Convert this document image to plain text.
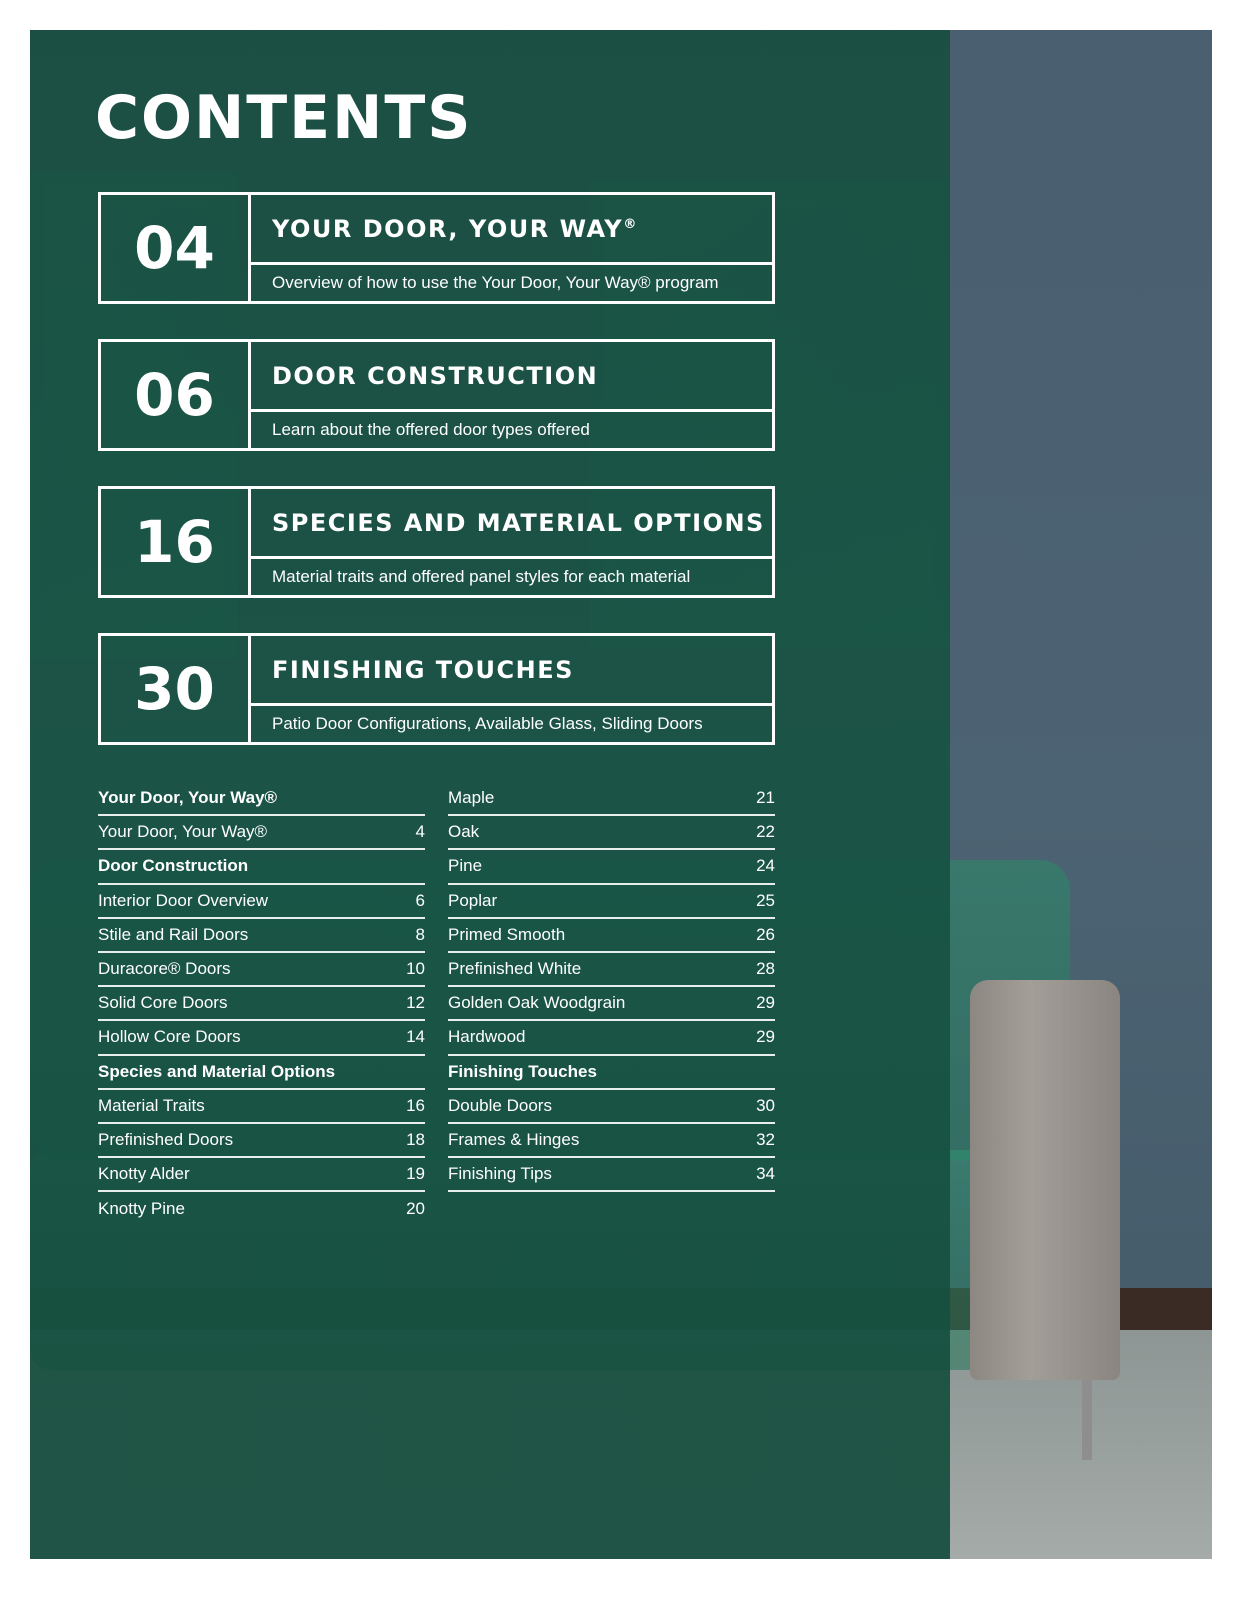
CONTENTS
04 YOUR DOOR, YOUR WAY®
Overview of how to use the Your Door, Your Way® program
06 DOOR CONSTRUCTION
Learn about the offered door types offered
16 SPECIES AND MATERIAL OPTIONS
Material traits and offered panel styles for each material
30 FINISHING TOUCHES
Patio Door Configurations, Available Glass, Sliding Doors
Your Door, Your Way®
Your Door, Your Way®	4
Door Construction
Interior Door Overview	6
Stile and Rail Doors	8
Duracore® Doors	10
Solid Core Doors	12
Hollow Core Doors	14
Species and Material Options
Material Traits	16
Prefinished Doors	18
Knotty Alder	19
Knotty Pine	20
Maple	21
Oak	22
Pine	24
Poplar	25
Primed Smooth	26
Prefinished White	28
Golden Oak Woodgrain	29
Hardwood	29
Finishing Touches
Double Doors	30
Frames & Hinges	32
Finishing Tips	34
